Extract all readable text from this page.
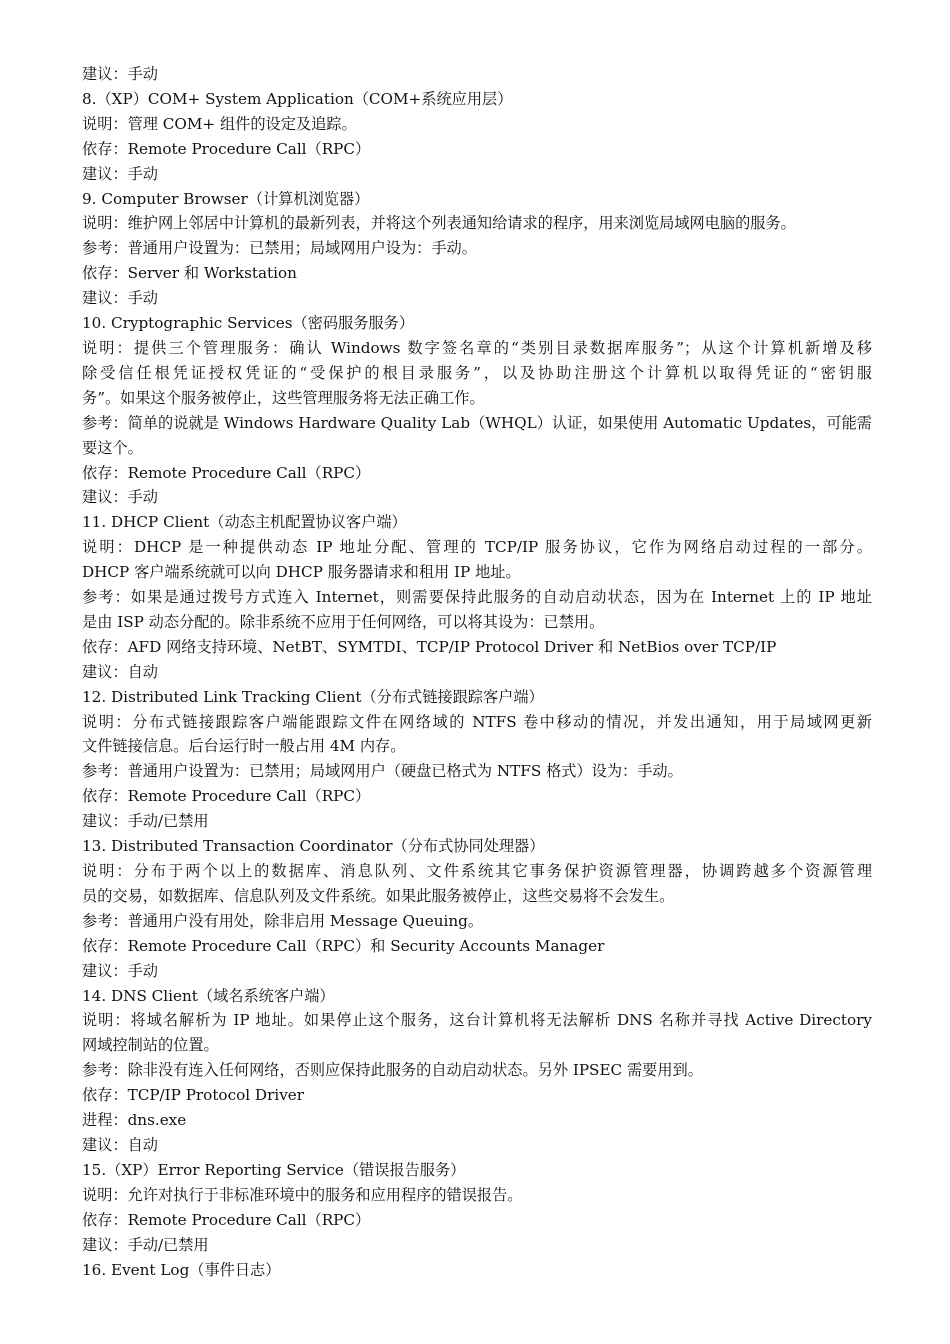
建议：手动
8.（XP）COM+ System Application（COM+系统应用层）
说明：管理 COM+ 组件的设定及追踪。
依存：Remote Procedure Call（RPC）
建议：手动
9. Computer Browser（计算机浏览器）
说明：维护网上邻居中计算机的最新列表，并将这个列表通知给请求的程序，用来浏览局域网电脑的服务。
参考：普通用户设置为：已禁用；局域网用户设为：手动。
依存：Server 和 Workstation
建议：手动
10. Cryptographic Services（密码服务服务）
说明：提供三个管理服务：确认 Windows 数字签名章的“类别目录数据库服务”；从这个计算机新增及移
除受信任根凭证授权凭证的“受保护的根目录服务”，以及协助注册这个计算机以取得凭证的“密钥服
务”。如果这个服务被停止，这些管理服务将无法正确工作。
参考：简单的说就是 Windows Hardware Quality Lab（WHQL）认证，如果使用 Automatic Updates，可能需
要这个。
依存：Remote Procedure Call（RPC）
建议：手动
11. DHCP Client（动态主机配置协议客户端）
说明：DHCP 是一种提供动态 IP 地址分配、管理的 TCP/IP 服务协议，它作为网络启动过程的一部分。
DHCP 客户端系统就可以向 DHCP 服务器请求和租用 IP 地址。
参考：如果是通过拨号方式连入 Internet，则需要保持此服务的自动启动状态，因为在 Internet 上的 IP 地址
是由 ISP 动态分配的。除非系统不应用于任何网络，可以将其设为：已禁用。
依存：AFD 网络支持环境、NetBT、SYMTDI、TCP/IP Protocol Driver 和 NetBios over TCP/IP
建议：自动
12. Distributed Link Tracking Client（分布式链接跟踪客户端）
说明：分布式链接跟踪客户端能跟踪文件在网络域的 NTFS 卷中移动的情况，并发出通知，用于局域网更新
文件链接信息。后台运行时一般占用 4M 内存。
参考：普通用户设置为：已禁用；局域网用户（硬盘已格式为 NTFS 格式）设为：手动。
依存：Remote Procedure Call（RPC）
建议：手动/已禁用
13. Distributed Transaction Coordinator（分布式协同处理器）
说明：分布于两个以上的数据库、消息队列、文件系统其它事务保护资源管理器，协调跨越多个资源管理
员的交易，如数据库、信息队列及文件系统。如果此服务被停止，这些交易将不会发生。
参考：普通用户没有用处，除非启用 Message Queuing。
依存：Remote Procedure Call（RPC）和 Security Accounts Manager
建议：手动
14. DNS Client（域名系统客户端）
说明：将域名解析为 IP 地址。如果停止这个服务，这台计算机将无法解析 DNS 名称并寻找 Active Directory
网域控制站的位置。
参考：除非没有连入任何网络，否则应保持此服务的自动启动状态。另外 IPSEC 需要用到。
依存：TCP/IP Protocol Driver
进程：dns.exe
建议：自动
15.（XP）Error Reporting Service（错误报告服务）
说明：允许对执行于非标准环境中的服务和应用程序的错误报告。
依存：Remote Procedure Call（RPC）
建议：手动/已禁用
16. Event Log（事件日志）
